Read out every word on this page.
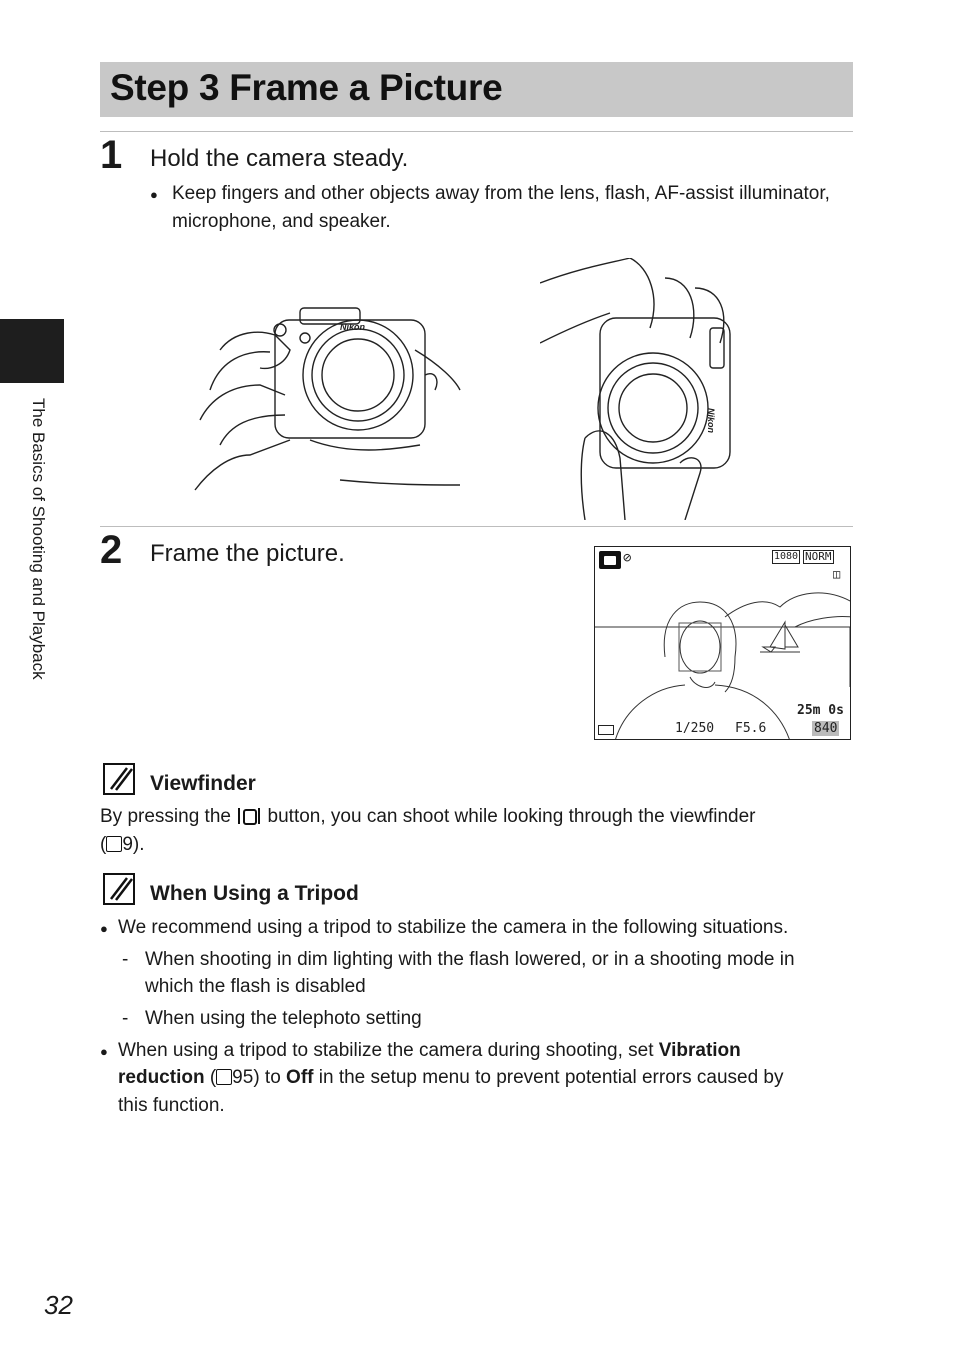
Step 3 Frame a Picture
The Basics of Shooting and Playback
1 Hold the camera steady.
● Keep fingers and other objects away from the lens, flash, AF-assist illuminator,
microphone, and speaker.
Nikon
Nikon
2 Frame the picture.	⊘	1080 NORM
◫
25m 0s
1/250 F5.6	840
Viewfinder
By pressing the button, you can shoot while looking through the viewfinder
( 9).
When Using a Tripod
● We recommend using a tripod to stabilize the camera in the following situations.
- When shooting in dim lighting with the flash lowered, or in a shooting mode in
which the flash is disabled
- When using the telephoto setting
● When using a tripod to stabilize the camera during shooting, set Vibration
reduction ( 95) to Off in the setup menu to prevent potential errors caused by
this function.
32
